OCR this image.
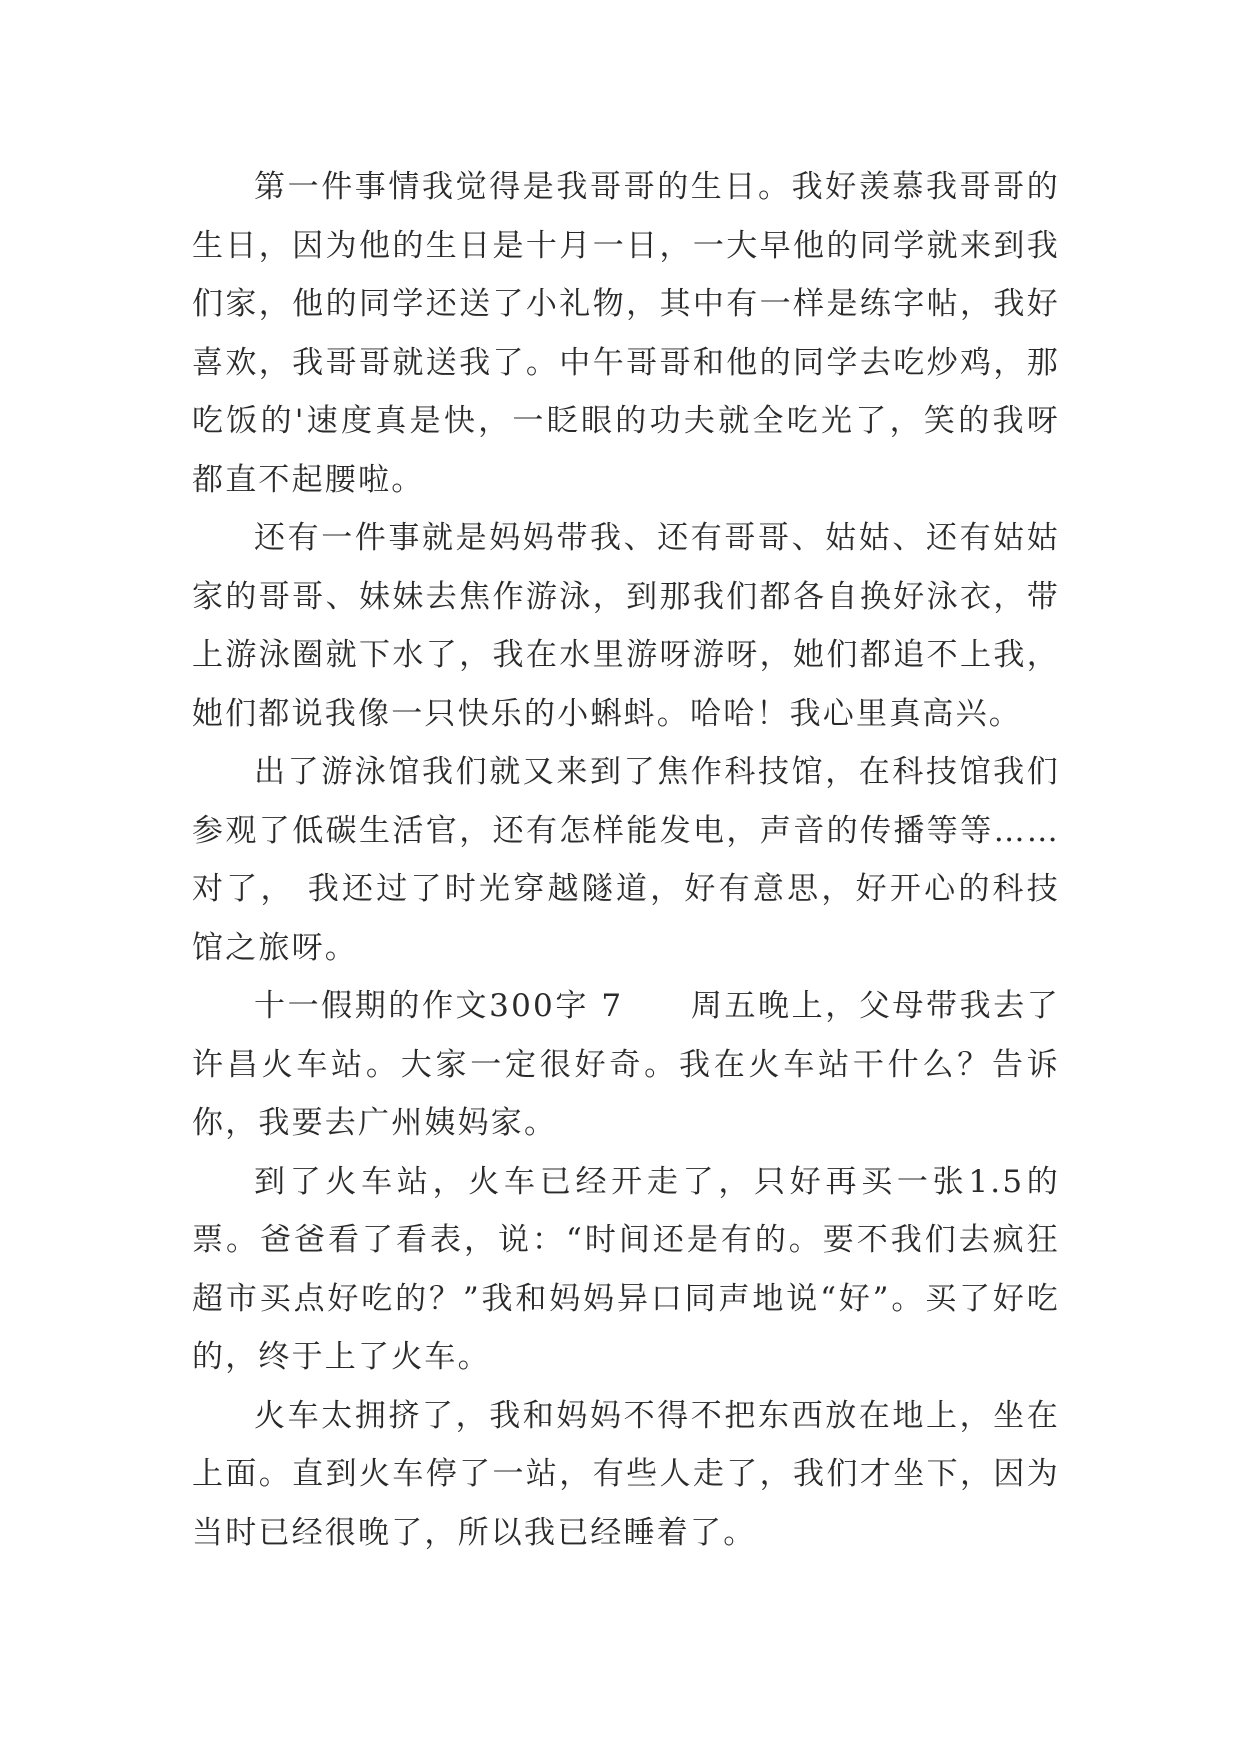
第一件事情我觉得是我哥哥的生日。我好羡慕我哥哥的生日，因为他的生日是十月一日，一大早他的同学就来到我们家，他的同学还送了小礼物，其中有一样是练字帖，我好喜欢，我哥哥就送我了。中午哥哥和他的同学去吃炒鸡，那吃饭的'速度真是快，一眨眼的功夫就全吃光了，笑的我呀都直不起腰啦。

还有一件事就是妈妈带我、还有哥哥、姑姑、还有姑姑家的哥哥、妹妹去焦作游泳，到那我们都各自换好泳衣，带上游泳圈就下水了，我在水里游呀游呀，她们都追不上我，她们都说我像一只快乐的小蝌蚪。哈哈！我心里真高兴。

出了游泳馆我们就又来到了焦作科技馆，在科技馆我们参观了低碳生活官，还有怎样能发电，声音的传播等等……对了， 我还过了时光穿越隧道，好有意思，好开心的科技馆之旅呀。

十一假期的作文300字 7　　周五晚上，父母带我去了许昌火车站。大家一定很好奇。我在火车站干什么？告诉你，我要去广州姨妈家。

到了火车站，火车已经开走了，只好再买一张1.5的票。爸爸看了看表，说：“时间还是有的。要不我们去疯狂超市买点好吃的？”我和妈妈异口同声地说“好”。买了好吃的，终于上了火车。

火车太拥挤了，我和妈妈不得不把东西放在地上，坐在上面。直到火车停了一站，有些人走了，我们才坐下，因为当时已经很晚了，所以我已经睡着了。
